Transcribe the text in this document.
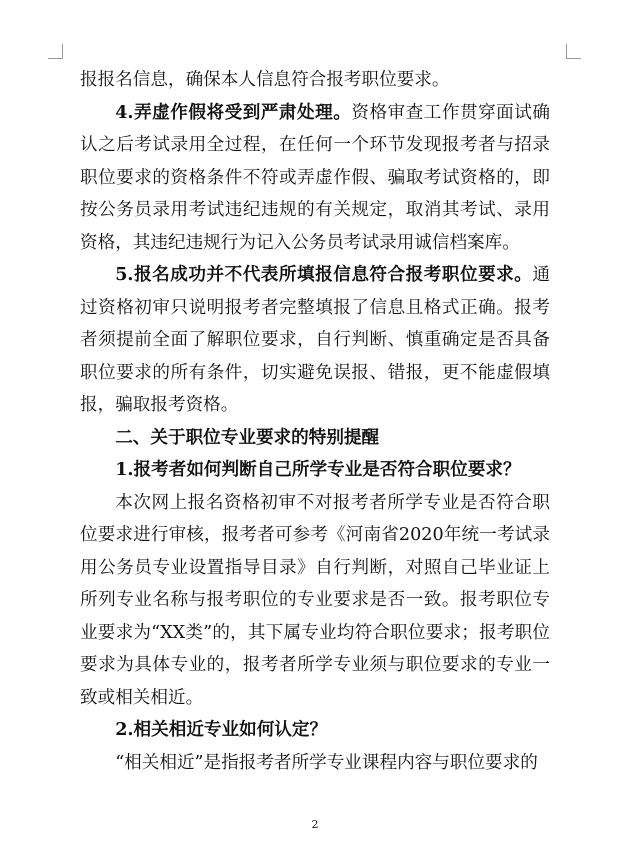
报报名信息，确保本人信息符合报考职位要求。

4.弄虚作假将受到严肃处理。资格审查工作贯穿面试确认之后考试录用全过程，在任何一个环节发现报考者与招录职位要求的资格条件不符或弄虚作假、骗取考试资格的，即按公务员录用考试违纪违规的有关规定，取消其考试、录用资格，其违纪违规行为记入公务员考试录用诚信档案库。

5.报名成功并不代表所填报信息符合报考职位要求。通过资格初审只说明报考者完整填报了信息且格式正确。报考者须提前全面了解职位要求，自行判断、慎重确定是否具备职位要求的所有条件，切实避免误报、错报，更不能虚假填报，骗取报考资格。

二、关于职位专业要求的特别提醒

1.报考者如何判断自己所学专业是否符合职位要求？

本次网上报名资格初审不对报考者所学专业是否符合职位要求进行审核，报考者可参考《河南省2020年统一考试录用公务员专业设置指导目录》自行判断，对照自己毕业证上所列专业名称与报考职位的专业要求是否一致。报考职位专业要求为“XX类”的，其下属专业均符合职位要求；报考职位要求为具体专业的，报考者所学专业须与职位要求的专业一致或相关相近。

2.相关相近专业如何认定？

“相关相近”是指报考者所学专业课程内容与职位要求的

2
